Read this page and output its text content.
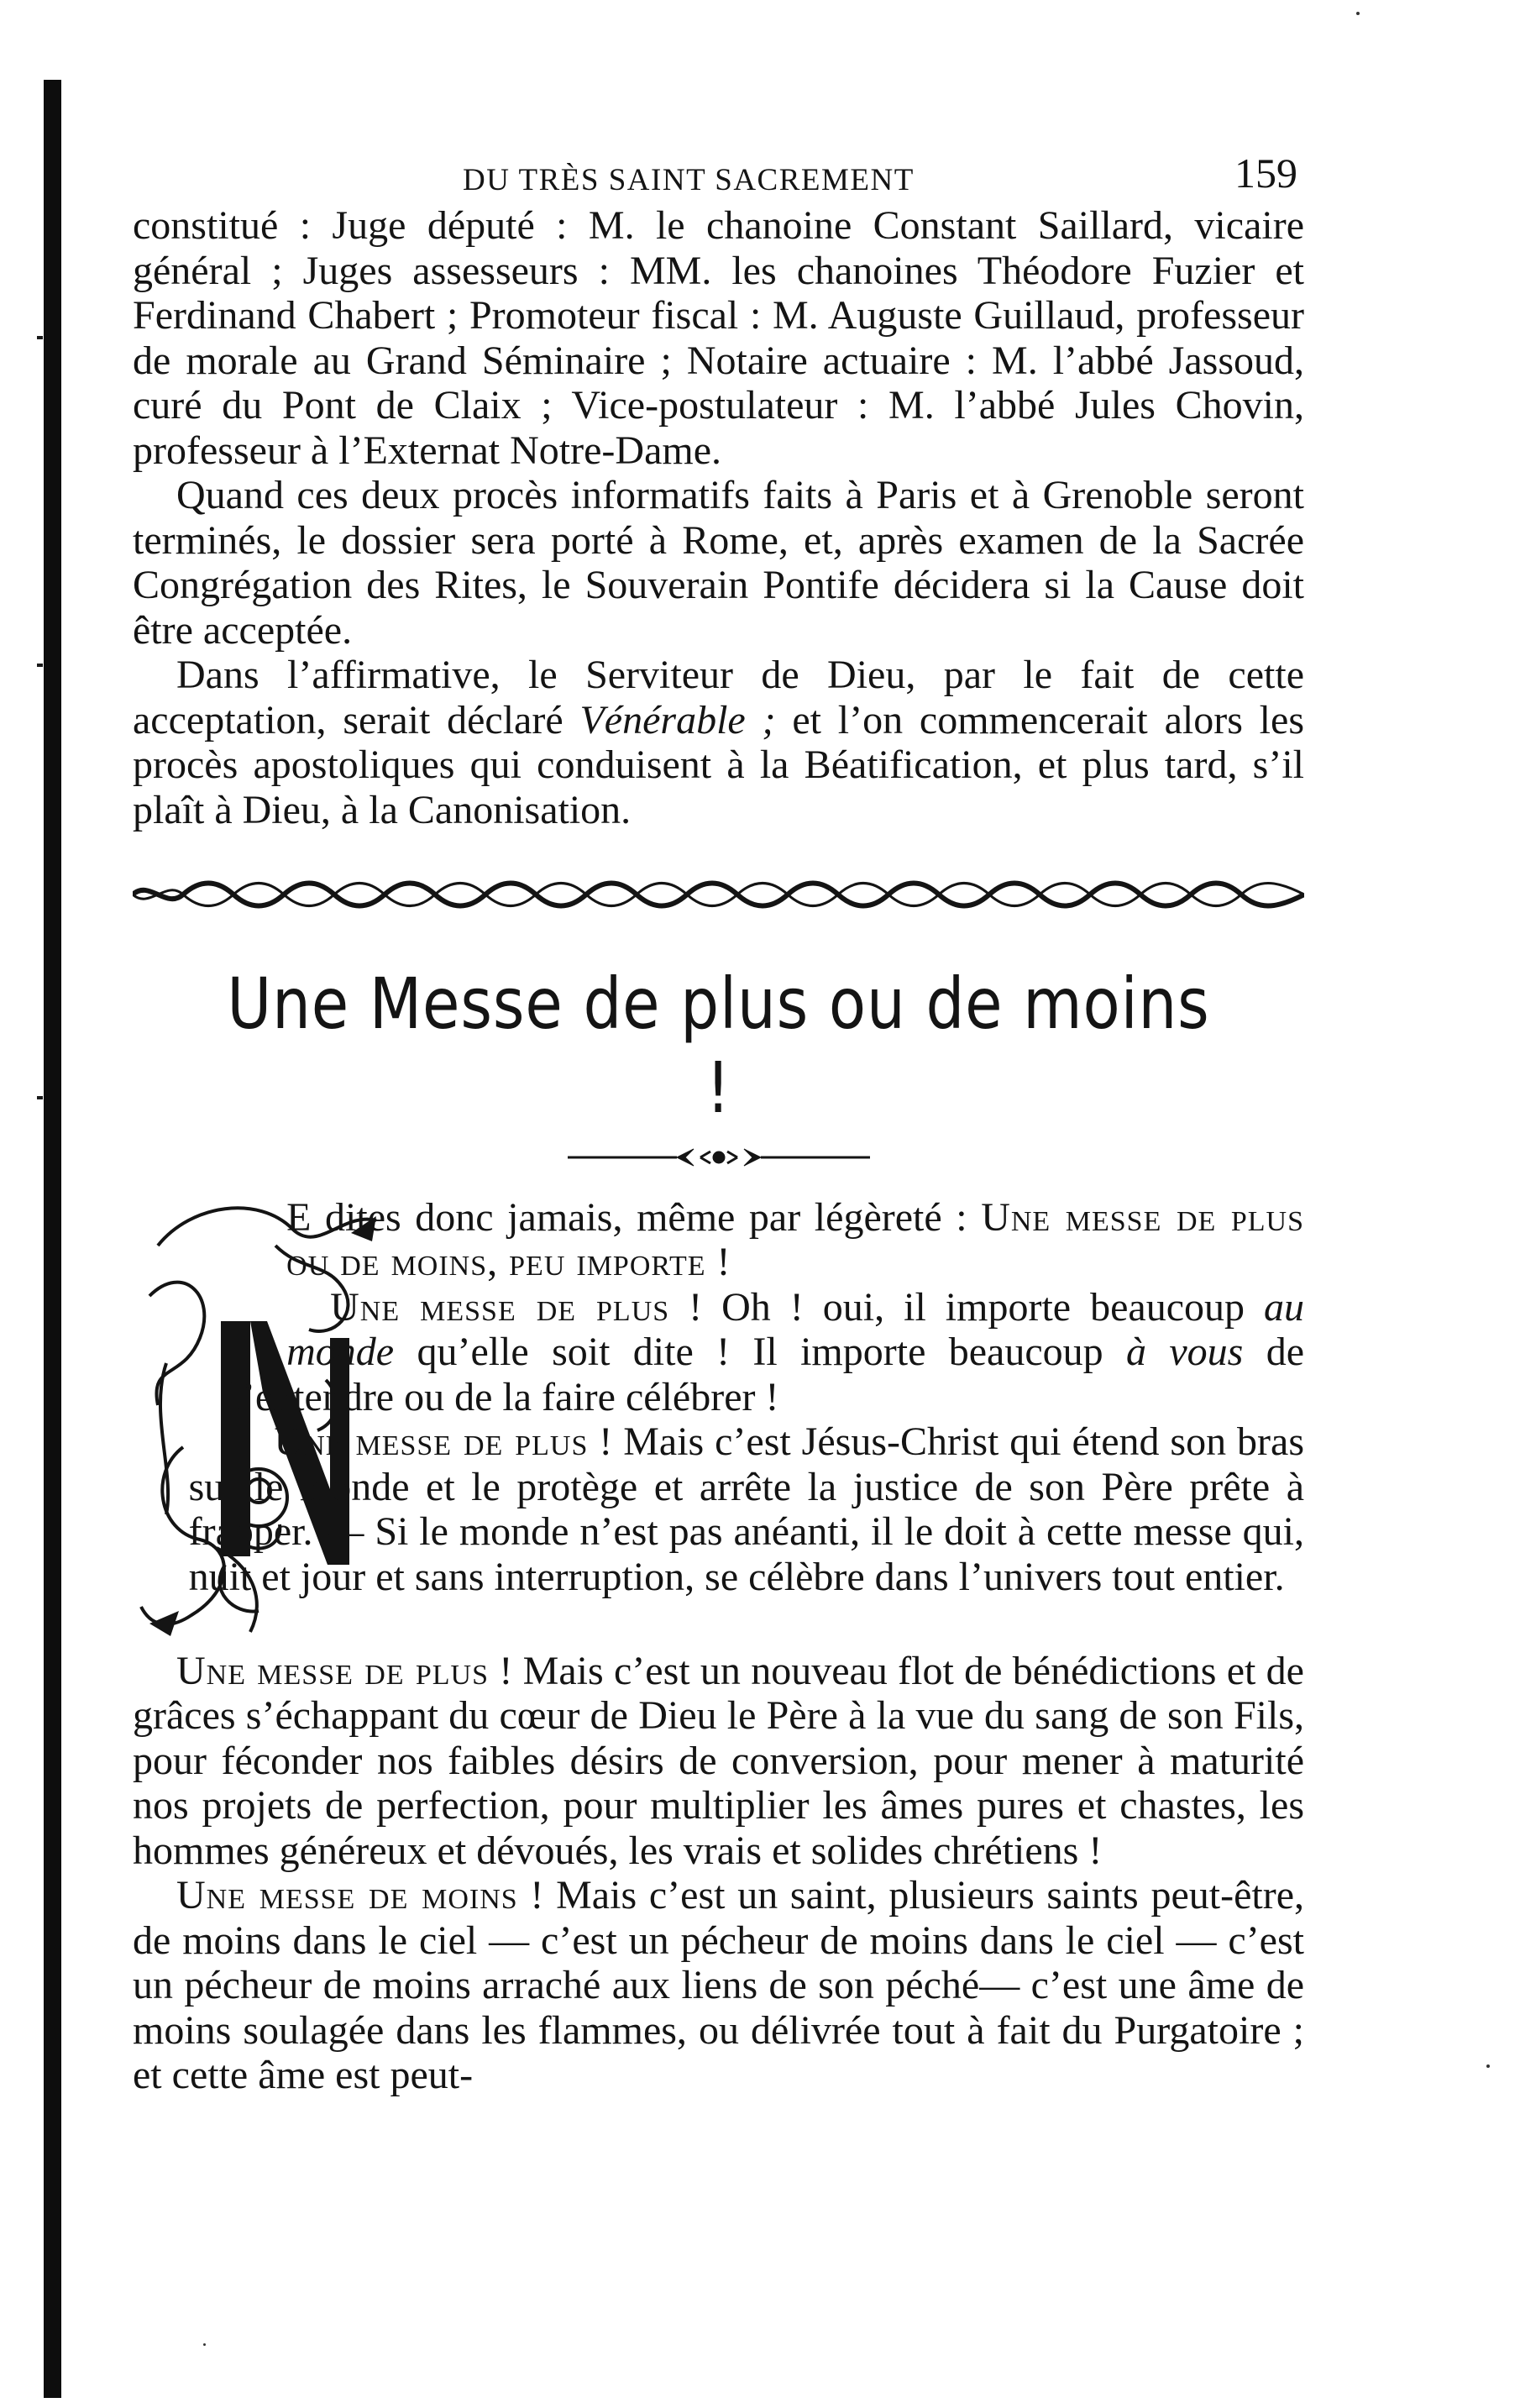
DU TRÈS SAINT SACREMENT	159

constitué : Juge député : M. le chanoine Constant Saillard, vicaire général ; Juges assesseurs : MM. les chanoines Théodore Fuzier et Ferdinand Chabert ; Promoteur fiscal : M. Auguste Guillaud, professeur de morale au Grand Séminaire ; Notaire actuaire : M. l’abbé Jassoud, curé du Pont de Claix ; Vice-postulateur : M. l’abbé Jules Chovin, professeur à l’Externat Notre-Dame.

Quand ces deux procès informatifs faits à Paris et à Grenoble seront terminés, le dossier sera porté à Rome, et, après examen de la Sacrée Congrégation des Rites, le Souverain Pontife décidera si la Cause doit être acceptée.

Dans l’affirmative, le Serviteur de Dieu, par le fait de cette acceptation, serait déclaré Vénérable ; et l’on commencerait alors les procès apostoliques qui conduisent à la Béatification, et plus tard, s’il plaît à Dieu, à la Canonisation.

Une Messe de plus ou de moins !

E dites donc jamais, même par légèreté : Une messe de plus ou de moins, peu importe !

Une messe de plus ! Oh ! oui, il importe beaucoup au monde qu’elle soit dite ! Il importe beaucoup à vous de l’entendre ou de la faire célébrer !

Une messe de plus ! Mais c’est Jésus-Christ qui étend son bras sur le monde et le protège et arrête la justice de son Père prête à frapper. — Si le monde n’est pas anéanti, il le doit à cette messe qui, nuit et jour et sans interruption, se célèbre dans l’univers tout entier.

Une messe de plus ! Mais c’est un nouveau flot de bénédictions et de grâces s’échappant du cœur de Dieu le Père à la vue du sang de son Fils, pour féconder nos faibles désirs de conversion, pour mener à maturité nos projets de perfection, pour multiplier les âmes pures et chastes, les hommes généreux et dévoués, les vrais et solides chrétiens !

Une messe de moins ! Mais c’est un saint, plusieurs saints peut-être, de moins dans le ciel — c’est un pécheur de moins dans le ciel — c’est un pécheur de moins arraché aux liens de son péché— c’est une âme de moins soulagée dans les flammes, ou délivrée tout à fait du Purgatoire ; et cette âme est peut-
